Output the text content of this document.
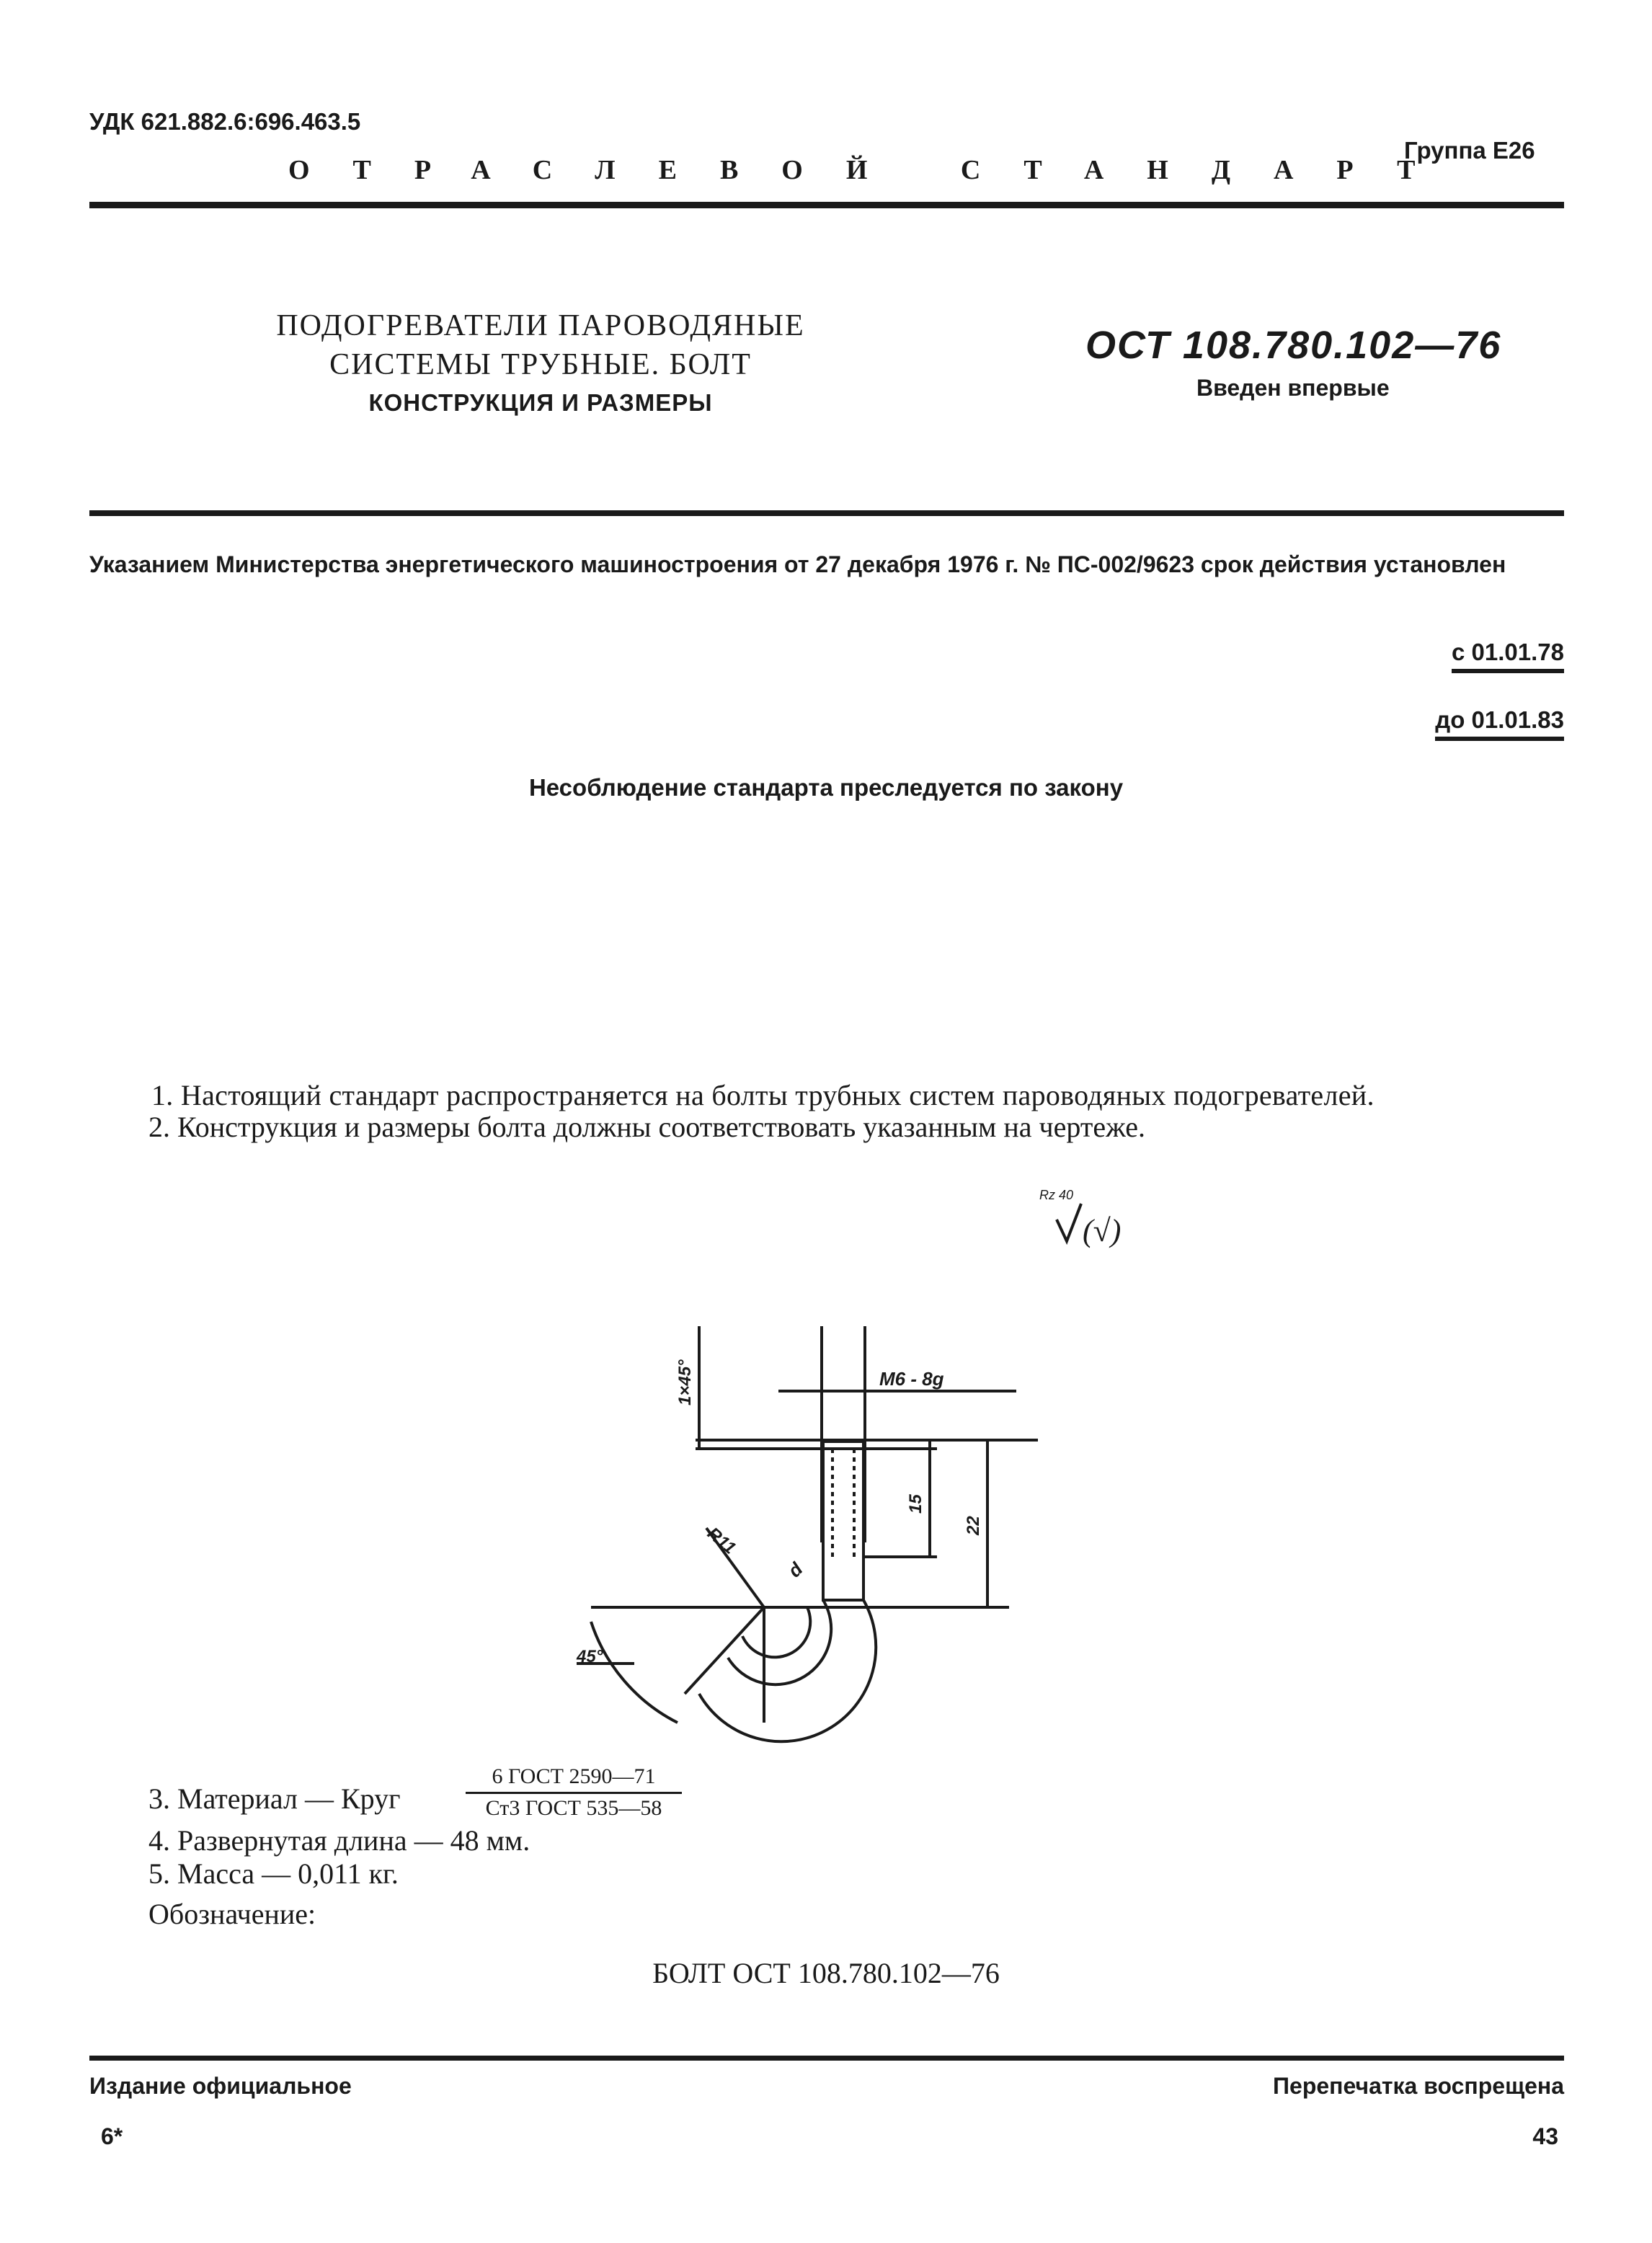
УДК 621.882.6:696.463.5
Группа Е26
ОТРАСЛЕВОЙ СТАНДАРТ
ПОДОГРЕВАТЕЛИ ПАРОВОДЯНЫЕ
СИСТЕМЫ ТРУБНЫЕ. БОЛТ
КОНСТРУКЦИЯ И РАЗМЕРЫ
ОСТ 108.780.102—76
Введен впервые
Указанием Министерства энергетического машиностроения от 27 декабря 1976 г. № ПС-002/9623 срок действия установлен
с 01.01.78
до 01.01.83
Несоблюдение стандарта преследуется по закону
1. Настоящий стандарт распространяется на болты трубных систем пароводяных подогревателей.
2. Конструкция и размеры болта должны соответствовать указанным на чертеже.
Rz 40
(√)
М6 - 8g
1×45°
15
22
R11
d
45°
3. Материал — Круг
6 ГОСТ 2590—71
Ст3 ГОСТ 535—58
4. Развернутая длина — 48 мм.
5. Масса — 0,011 кг.
Обозначение:
БОЛТ ОСТ 108.780.102—76
Издание официальное	Перепечатка воспрещена
6*	43
